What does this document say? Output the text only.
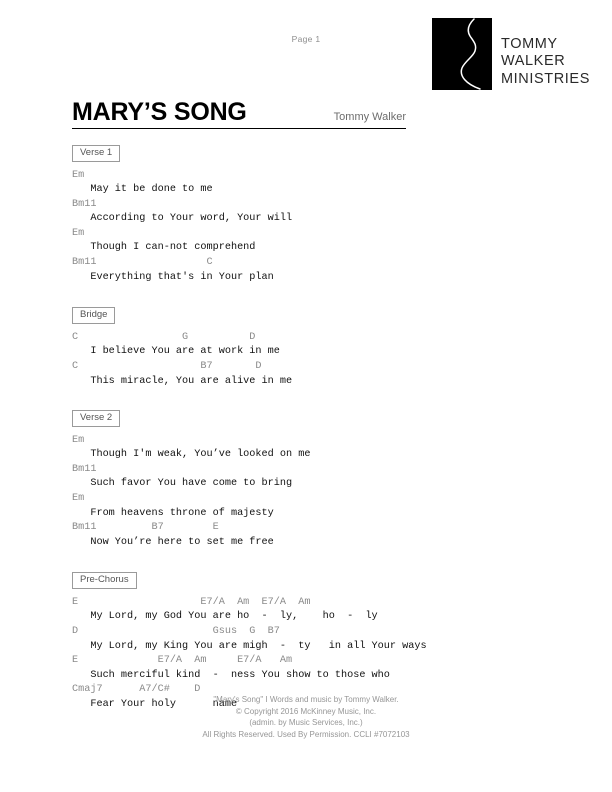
Page 1	TOMMY
WALKER
MINISTRIES
MARY’S SONG	Tommy Walker
Verse 1
Em
May it be done to me
Bm11
According to Your word, Your will
Em
Though I can-not comprehend
Bm11                  C
Everything that's in Your plan
Bridge
C                 G          D
I believe You are at work in me
C                    B7       D
This miracle, You are alive in me
Verse 2
Em
Though I'm weak, You’ve looked on me
Bm11
Such favor You have come to bring
Em
From heavens throne of majesty
Bm11         B7        E
Now You’re here to set me free
Pre-Chorus
E                    E7/A  Am  E7/A  Am
My Lord, my God You are ho  -  ly,    ho  -  ly
D                      Gsus  G  B7
My Lord, my King You are migh  -  ty   in all Your ways
E             E7/A  Am     E7/A   Am
Such merciful kind  -  ness You show to those who
Cmaj7      A7/C#    D
Fear Your holy      name
"Mary's Song" I Words and music by Tommy Walker.
© Copyright 2016 McKinney Music, Inc.
(admin. by Music Services, Inc.)
All Rights Reserved. Used By Permission. CCLI #7072103
